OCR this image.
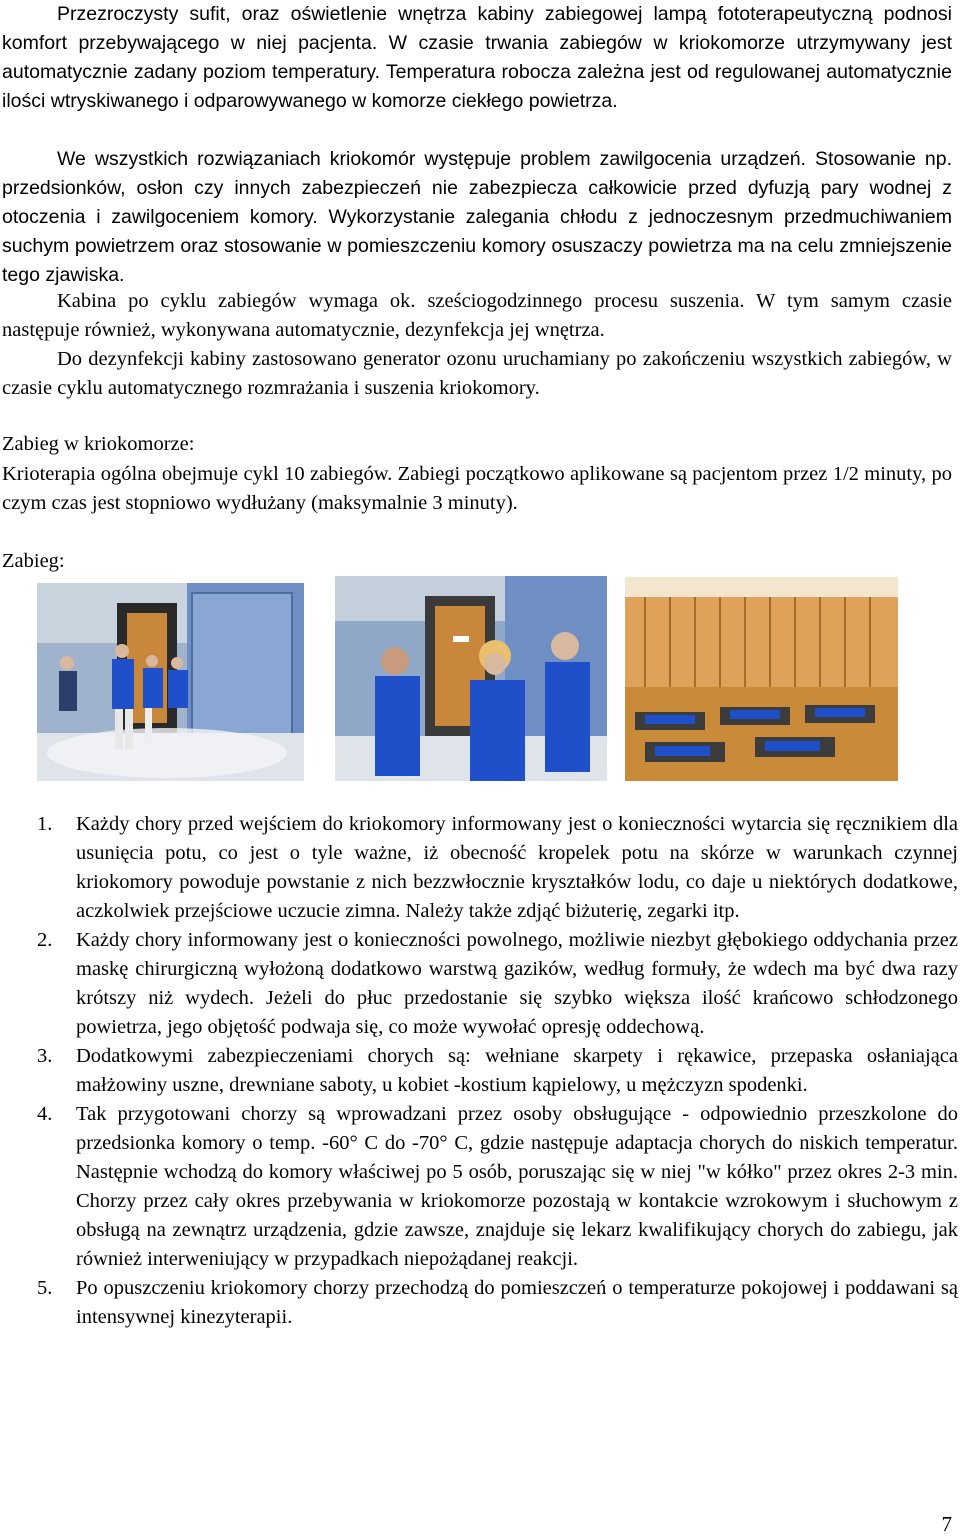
Przezroczysty sufit, oraz oświetlenie wnętrza kabiny zabiegowej lampą fototerapeutyczną podnosi komfort przebywającego w niej pacjenta. W czasie trwania zabiegów w kriokomorze utrzymywany jest automatycznie zadany poziom temperatury. Temperatura robocza zależna jest od regulowanej automatycznie ilości wtryskiwanego i odparowywanego w komorze ciekłego powietrza.

We wszystkich rozwiązaniach kriokomór występuje problem zawilgocenia urządzeń. Stosowanie np. przedsionków, osłon czy innych zabezpieczeń nie zabezpiecza całkowicie przed dyfuzją pary wodnej z otoczenia i zawilgoceniem komory. Wykorzystanie zalegania chłodu z jednoczesnym przedmuchiwaniem suchym powietrzem oraz stosowanie w pomieszczeniu komory osuszaczy powietrza ma na celu zmniejszenie tego zjawiska.

Kabina po cyklu zabiegów wymaga ok. sześciogodzinnego procesu suszenia. W tym samym czasie następuje również, wykonywana automatycznie, dezynfekcja jej wnętrza.

Do dezynfekcji kabiny zastosowano generator ozonu uruchamiany po zakończeniu wszystkich zabiegów, w czasie cyklu automatycznego rozmrażania i suszenia kriokomory.

Zabieg w kriokomorze:

Krioterapia ogólna obejmuje cykl 10 zabiegów. Zabiegi początkowo aplikowane są pacjentom przez 1/2 minuty, po czym czas jest stopniowo wydłużany (maksymalnie 3 minuty).

Zabieg:

1. Każdy chory przed wejściem do kriokomory informowany jest o konieczności wytarcia się ręcznikiem dla usunięcia potu, co jest o tyle ważne, iż obecność kropelek potu na skórze w warunkach czynnej kriokomory powoduje powstanie z nich bezzwłocznie kryształków lodu, co daje u niektórych dodatkowe, aczkolwiek przejściowe uczucie zimna. Należy także zdjąć biżuterię, zegarki itp.
2. Każdy chory informowany jest o konieczności powolnego, możliwie niezbyt głębokiego oddychania przez maskę chirurgiczną wyłożoną dodatkowo warstwą gazików, według formuły, że wdech ma być dwa razy krótszy niż wydech. Jeżeli do płuc przedostanie się szybko większa ilość krańcowo schłodzonego powietrza, jego objętość podwaja się, co może wywołać opresję oddechową.
3. Dodatkowymi zabezpieczeniami chorych są: wełniane skarpety i rękawice, przepaska osłaniająca małżowiny uszne, drewniane saboty, u kobiet -kostium kąpielowy, u mężczyzn spodenki.
4. Tak przygotowani chorzy są wprowadzani przez osoby obsługujące - odpowiednio przeszkolone do przedsionka komory o temp. -60° C do -70° C, gdzie następuje adaptacja chorych do niskich temperatur. Następnie wchodzą do komory właściwej po 5 osób, poruszając się w niej "w kółko" przez okres 2-3 min. Chorzy przez cały okres przebywania w kriokomorze pozostają w kontakcie wzrokowym i słuchowym z obsługą na zewnątrz urządzenia, gdzie zawsze, znajduje się lekarz kwalifikujący chorych do zabiegu, jak również interweniujący w przypadkach niepożądanej reakcji.
5. Po opuszczeniu kriokomory chorzy przechodzą do pomieszczeń o temperaturze pokojowej i poddawani są intensywnej kinezyterapii.
7
